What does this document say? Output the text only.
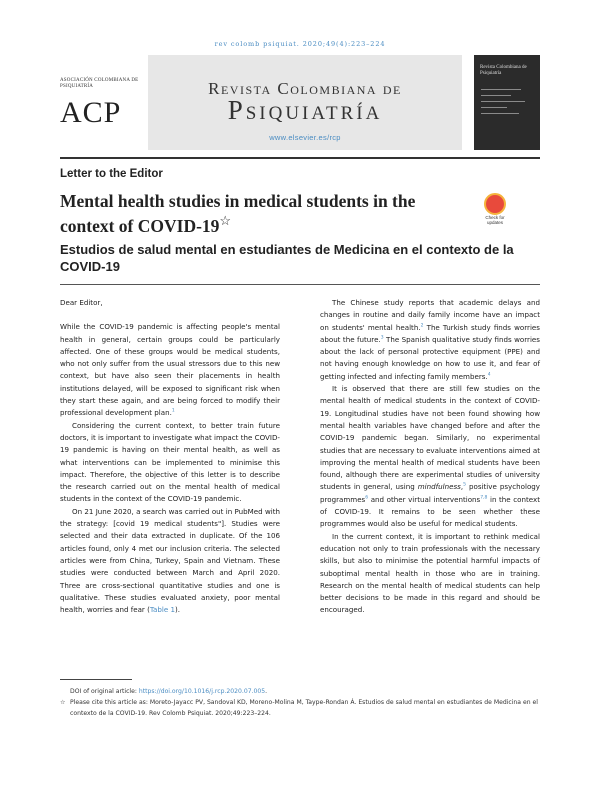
rev colomb psiquiat. 2020;49(4):223–224
ASOCIACIÓN COLOMBIANA DE PSIQUIATRÍA
ACP
Revista Colombiana de
Psiquiatría
www.elsevier.es/rcp
Revista Colombiana de Psiquiatría
Letter to the Editor
Mental health studies in medical students in the context of COVID-19☆	Check for updates
Estudios de salud mental en estudiantes de Medicina en el contexto de la COVID-19

Dear Editor,

While the COVID-19 pandemic is affecting people's mental health in general, certain groups could be particularly affected. One of these groups would be medical students, who not only suffer from the usual stressors due to this new context, but have also seen their placements in health institutions delayed, will be exposed to significant risk when they start these again, and are being forced to modify their professional development plan.$^1$

Considering the current context, to better train future doctors, it is important to investigate what impact the COVID-19 pandemic is having on their mental health, as well as what interventions can be implemented to minimise this impact. Therefore, the objective of this letter is to describe the research carried out on the mental health of medical students in the context of the COVID-19 pandemic.

On 21 June 2020, a search was carried out in PubMed with the strategy: [covid 19 medical students"]. Studies were selected and their data extracted in duplicate. Of the 106 articles found, only 4 met our inclusion criteria. The selected articles were from China, Turkey, Spain and Vietnam. These studies were conducted between March and April 2020. Three are cross-sectional quantitative studies and one is qualitative. These studies evaluated anxiety, poor mental health, worries and fear (Table 1).

The Chinese study reports that academic delays and changes in routine and daily family income have an impact on students' mental health.$^2$ The Turkish study finds worries about the future.$^3$ The Spanish qualitative study finds worries about the lack of personal protective equipment (PPE) and not having enough knowledge on how to use it, and fear of getting infected and infecting family members.$^4$

It is observed that there are still few studies on the mental health of medical students in the context of COVID-19. Longitudinal studies have not been found showing how mental health variables have changed before and after the COVID-19 pandemic began. Similarly, no experimental studies that are necessary to evaluate interventions aimed at improving the mental health of medical students have been found, although there are experimental studies of university students in general, using mindfulness,$^5$ positive psychology programmes$^6$ and other virtual interventions$^{7,8}$ in the context of COVID-19. It remains to be seen whether these programmes would also be useful for medical students.

In the current context, it is important to rethink medical education not only to train professionals with the necessary skills, but also to minimise the potential harmful impacts of suboptimal mental health in those who are in training. Research on the mental health of medical students can help better decisions to be made in this regard and should be encouraged.

DOI of original article: https://doi.org/10.1016/j.rcp.2020.07.005.

☆ Please cite this article as: Moreto-Jayacc PV, Sandoval KD, Moreno-Molina M, Taype-Rondan Á. Estudios de salud mental en estudiantes de Medicina en el contexto de la COVID-19. Rev Colomb Psiquiat. 2020;49:223–224.
